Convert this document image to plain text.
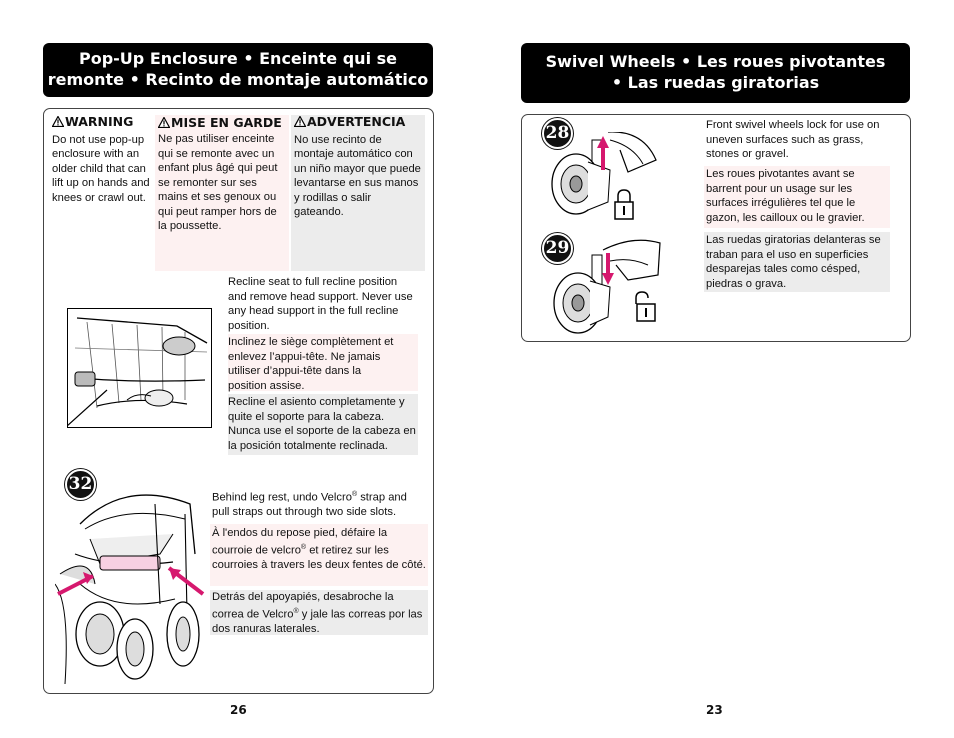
Pop-Up Enclosure • Enceinte qui se
remonte • Recinto de montaje automático
WARNING

Do not use pop-up enclosure with an older child that can lift up on hands and knees or crawl out.

MISE EN GARDE

Ne pas utiliser enceinte qui se remonte avec un enfant plus âgé qui peut se remonter sur ses mains et ses genoux ou qui peut ramper hors de la poussette.

ADVERTENCIA

No use recinto de montaje automático con un niño mayor que puede levantarse en sus manos y rodillas o salir gateando.

Recline seat to full recline position and remove head support. Never use any head support in the full recline position.

Inclinez le siège complètement et enlevez l’appui-tête. Ne jamais utiliser d’appui-tête dans la position assise.

Recline el asiento completamente y quite el soporte para la cabeza. Nunca use el soporte de la cabeza en la posición totalmente reclinada.

32

Behind leg rest, undo Velcro® strap and pull straps out through two side slots.

À l'endos du repose pied, défaire la courroie de velcro® et retirez sur les courroies à travers les deux fentes de côté.

Detrás del apoyapiés, desabroche la correa de Velcro® y jale las correas por las dos ranuras laterales.

26
Swivel Wheels • Les roues pivotantes
• Las ruedas giratorias
28
29

Front swivel wheels lock for use on uneven surfaces such as grass, stones or gravel.

Les roues pivotantes avant se barrent pour un usage sur les surfaces irrégulières tel que le gazon, les cailloux ou le gravier.

Las ruedas giratorias delanteras se traban para el uso en superficies desparejas tales como césped, piedras o grava.

23
